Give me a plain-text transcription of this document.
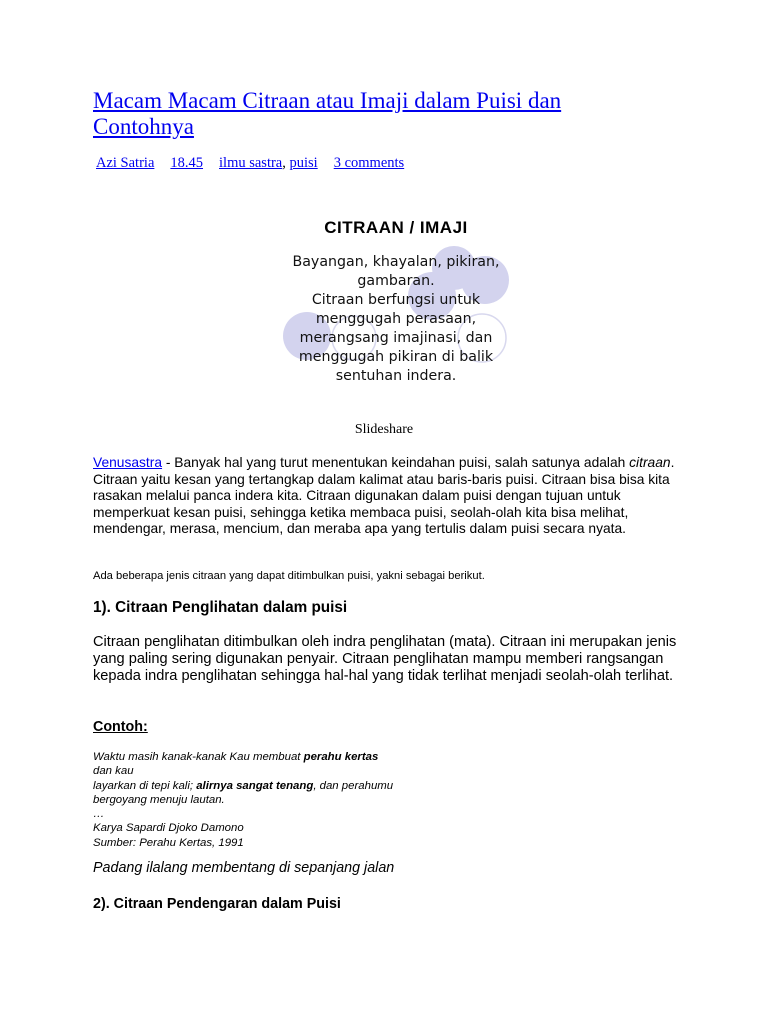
Macam Macam Citraan atau Imaji dalam Puisi dan Contohnya
Azi Satria 18.45 ilmu sastra, puisi 3 comments
CITRAAN / IMAJI
Bayangan, khayalan, pikiran,
gambaran.
Citraan berfungsi untuk
menggugah perasaan,
merangsang imajinasi, dan
menggugah pikiran di balik
sentuhan indera.
Slideshare
Venusastra - Banyak hal yang turut menentukan keindahan puisi, salah satunya adalah citraan. Citraan yaitu kesan yang tertangkap dalam kalimat atau baris-baris puisi. Citraan bisa bisa kita rasakan melalui panca indera kita. Citraan digunakan dalam puisi dengan tujuan untuk memperkuat kesan puisi, sehingga ketika membaca puisi, seolah-olah kita bisa melihat, mendengar, merasa, mencium, dan meraba apa yang tertulis dalam puisi secara nyata.
Ada beberapa jenis citraan yang dapat ditimbulkan puisi, yakni sebagai berikut.
1). Citraan Penglihatan dalam puisi
Citraan penglihatan ditimbulkan oleh indra penglihatan (mata). Citraan ini merupakan jenis yang paling sering digunakan penyair. Citraan penglihatan mampu memberi rangsangan kepada indra penglihatan sehingga hal-hal yang tidak terlihat menjadi seolah-olah terlihat.
Contoh:
Waktu masih kanak-kanak Kau membuat perahu kertas
dan kau
layarkan di tepi kali; alirnya sangat tenang, dan perahumu
bergoyang menuju lautan.
…
Karya Sapardi Djoko Damono
Sumber: Perahu Kertas, 1991
Padang ilalang membentang di sepanjang jalan
2). Citraan Pendengaran dalam Puisi
